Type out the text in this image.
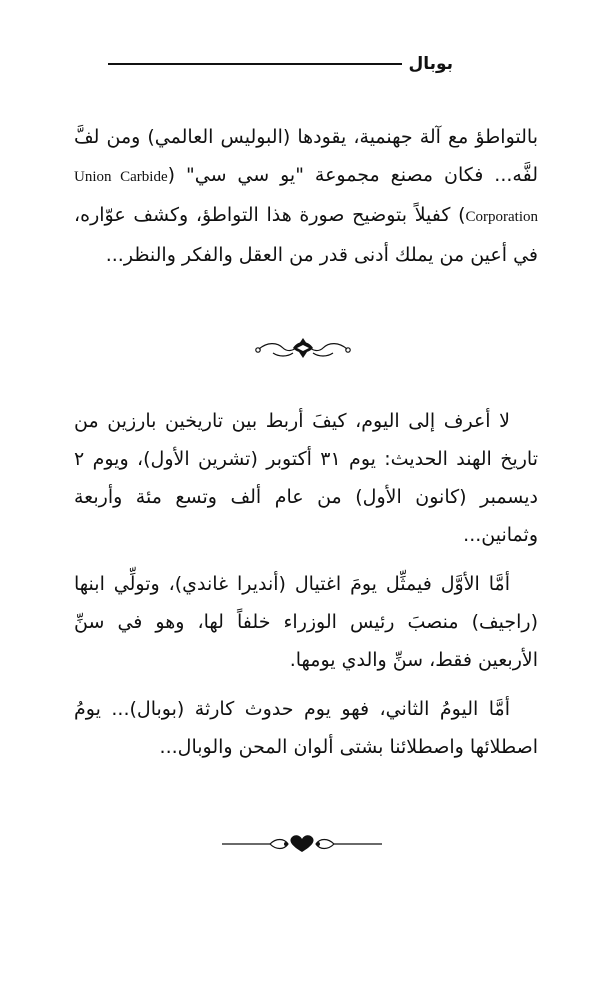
بوبال

بالتواطؤ مع آلة جهنمية، يقودها (البوليس العالمي) ومن لفَّ لفَّه... فكان مصنع مجموعة "يو سي سي" (Union Carbide Corporation) كفيلاً بتوضيح صورة هذا التواطؤ، وكشف عوّاره، في أعين من يملك أدنى قدر من العقل والفكر والنظر...

لا أعرف إلى اليوم، كيفَ أربط بين تاريخين بارزين من تاريخ الهند الحديث: يوم ٣١ أكتوبر (تشرين الأول)، ويوم ٢ ديسمبر (كانون الأول) من عام ألف وتسع مئة وأربعة وثمانين...

أمَّا الأوَّل فيمثِّل يومَ اغتيال (أنديرا غاندي)، وتولِّي ابنها (راجيف) منصبَ رئيس الوزراء خلفاً لها، وهو في سنِّ الأربعين فقط، سنِّ والدي يومها.

أمَّا اليومُ الثاني، فهو يوم حدوث كارثة (بوبال)... يومُ اصطلائها واصطلائنا بشتى ألوان المحن والوبال...
